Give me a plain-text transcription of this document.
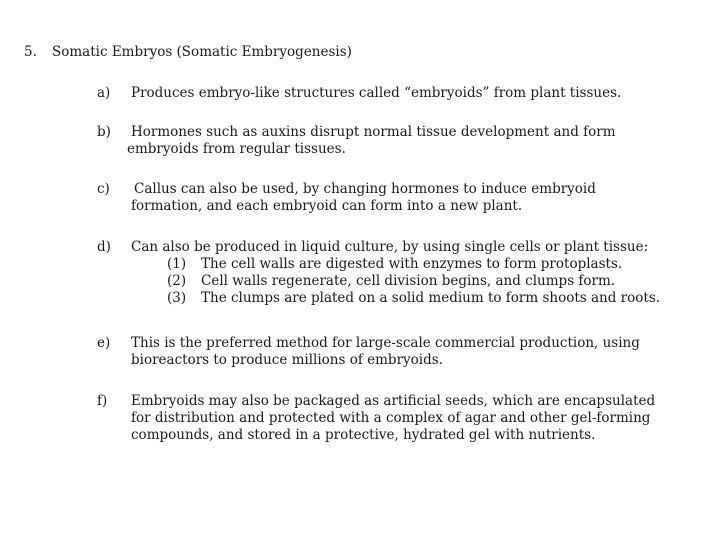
5. Somatic Embryos (Somatic Embryogenesis)
a) Produces embryo-like structures called “embryoids” from plant tissues.
b) Hormones such as auxins disrupt normal tissue development and form
embryoids from regular tissues.
c) Callus can also be used, by changing hormones to induce embryoid
formation, and each embryoid can form into a new plant.
d) Can also be produced in liquid culture, by using single cells or plant tissue:
(1) The cell walls are digested with enzymes to form protoplasts.
(2) Cell walls regenerate, cell division begins, and clumps form.
(3) The clumps are plated on a solid medium to form shoots and roots.
e) This is the preferred method for large-scale commercial production, using
bioreactors to produce millions of embryoids.
f) Embryoids may also be packaged as artificial seeds, which are encapsulated
for distribution and protected with a complex of agar and other gel-forming
compounds, and stored in a protective, hydrated gel with nutrients.
